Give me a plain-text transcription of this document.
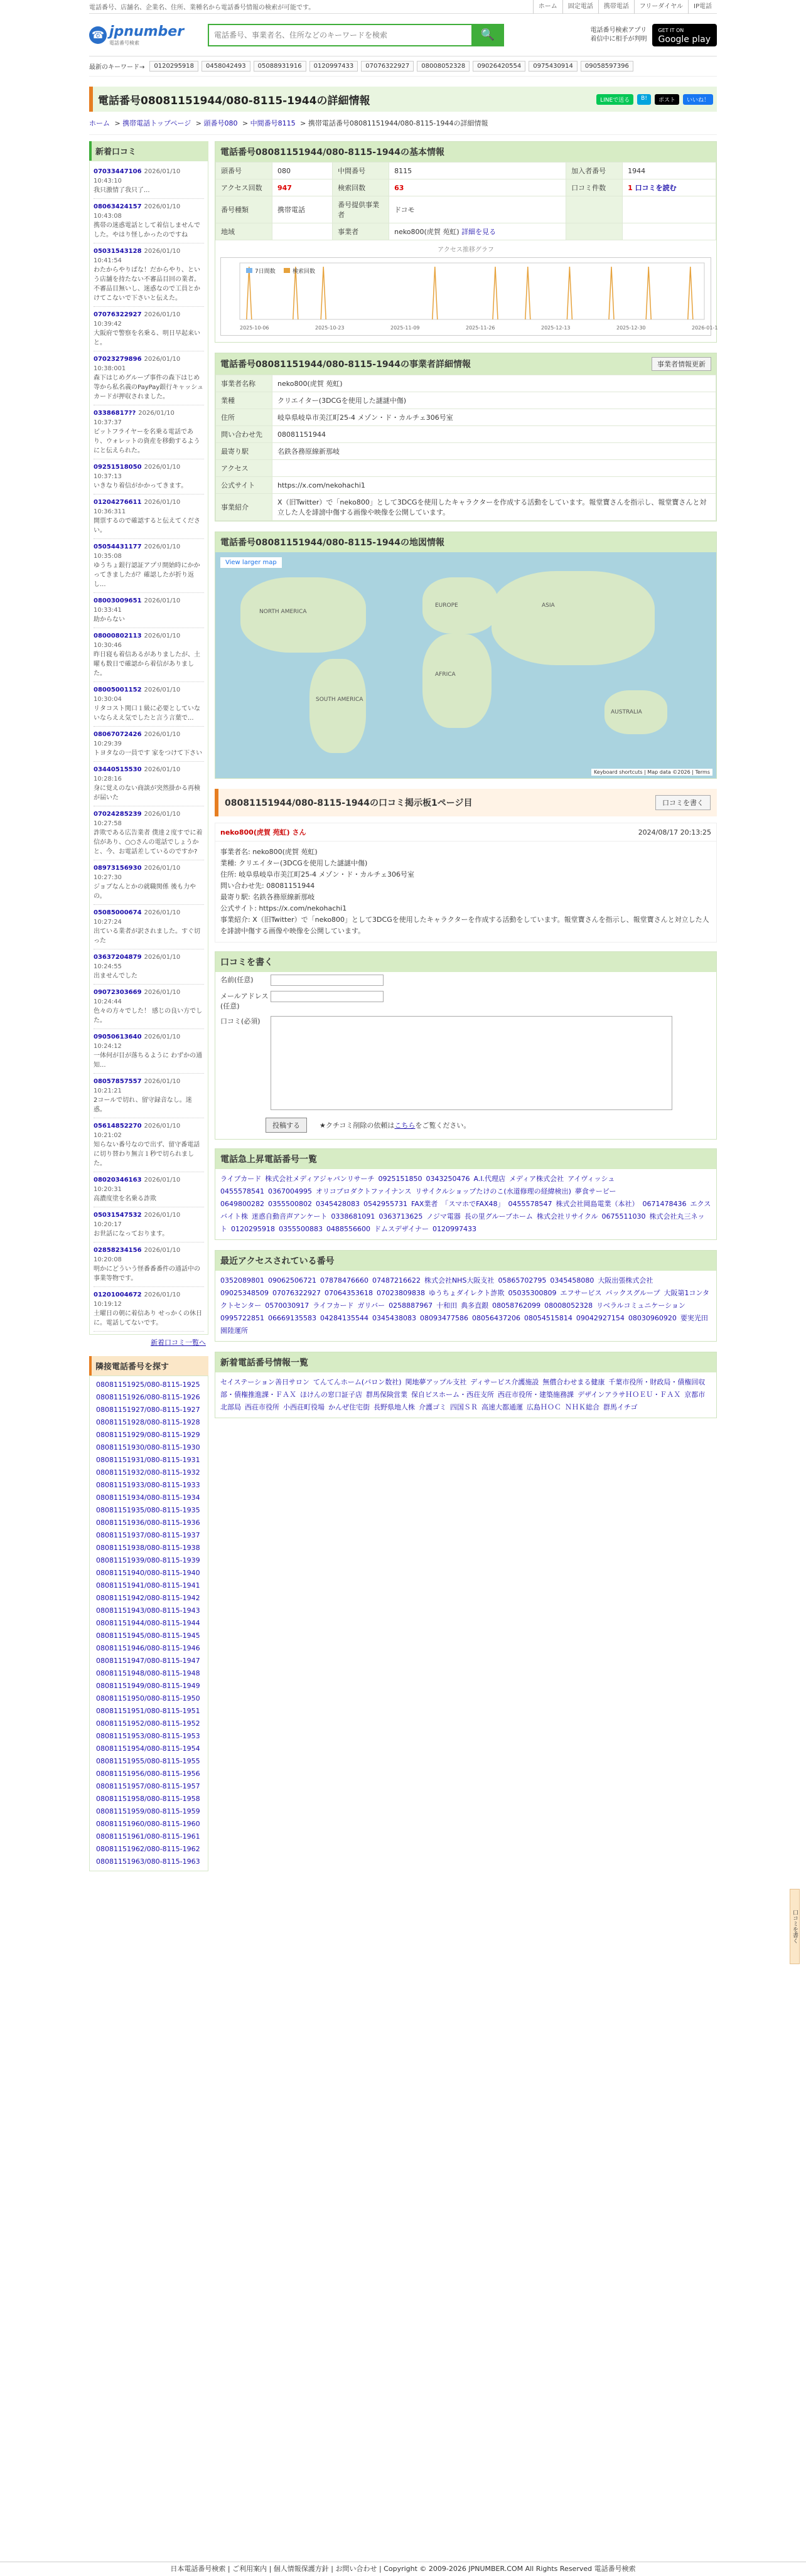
電話番号、店舗名、企業名、住所、業種名から電話番号情報の検索が可能です。	ホーム	固定電話	携帯電話	フリーダイヤル	IP電話
☎ jpnumber
電話番号検索
電話番号、事業者名、住所などのキーワードを検索
🔍	電話番号検索アプリ
着信中に相手が判明
GET IT ON
Google play
最新のキーワード→	0120295918	0458042493	05088931916	0120997433	07076322927	08008052328	09026420554	0975430914	09058597396
電話番号08081151944/080-8115-1944の詳細情報	LINEで送る	B!	ポスト	いいね！
ホーム > 携帯電話トップページ > 頭番号080 > 中間番号8115 > 携帯電話番号08081151944/080-8115-1944の詳細情報
新着口コミ
07033447106 2026/01/10 10:43:10
我只激情了我只了...
08063424157 2026/01/10 10:43:08
携帯の迷惑電話として着信しませんでした。やはり怪しかったのですね
05031543128 2026/01/10 10:41:54
わたからやりばな！だからやり、という店舗を持たない不審品目回の業者。不審品目無いし、迷惑なので工員とかけてこないで下さいと伝えた。
07076322927 2026/01/10 10:39:42
大阪府で警察を名乗る、明日早起来いと。
07023279896 2026/01/10 10:38:001
森下はじめグループ事件の森下はじめ等から私名義のPayPay銀行キャッシュカードが押収されました。
03386817?? 2026/01/10 10:37:37
ビットフライヤーを名乗る電話であり、ウォレットの資産を移動するようにと伝えられた。
09251518050 2026/01/10 10:37:13
いきなり着信がかかってきます。
01204276611 2026/01/10 10:36:311
開票するので確認すると伝えてください。
05054431177 2026/01/10 10:35:08
ゆうちょ銀行認証アプリ開始時にかかってきましたが？確認したが折り返し...
08003009651 2026/01/10 10:33:41
助からない
08000802113 2026/01/10 10:30:46
昨日寝も着信あるがありましたが、土曜も数日で確認から着信がありました。
08005001152 2026/01/10 10:30:04
リタコスト関口１級に必要としていないならええ気でしたと言う言葉で...
08067072426 2026/01/10 10:29:39
トヨタなの一員です 家をつけて下さい
03440515530 2026/01/10 10:28:16
身に覚えのない商談が突然掛かる再検が届いた
07024285239 2026/01/10 10:27:58
詐欺である広告業者 僕達２度すでに着信があり、○○さんの電話でしょうかと、今、お電話差しているのですか?
08973156930 2026/01/10 10:27:30
ジョブなんとかの就職関係 後も力やの。
05085000674 2026/01/10 10:27:24
出ている業者が訳されました。すぐ切った
03637204879 2026/01/10 10:24:55
出ませんでした
09072303669 2026/01/10 10:24:44
色々の方々でした！ 感じの良い方でした。
09050613640 2026/01/10 10:24:12
一体何が目が落ちるように わずかの通知...
08057857557 2026/01/10 10:21:21
2コールで切れ、留守録音なし。迷惑。
05614852270 2026/01/10 10:21:02
知らない番号なので出ず、留守番電話に切り替わり無言１秒で切られました。
08020346163 2026/01/10 10:20:31
高濃度塗を名乗る詐欺
05031547532 2026/01/10 10:20:17
お世話になっております。
02858234156 2026/01/10 10:20:08
明かにどういう怪番番番件の通話中の事業等物です。
01201004672 2026/01/10 10:19:12
土曜日の朝に着信あり せっかくの休日に。電話してないです。
新着口コミ一覧へ
隣接電話番号を探す
08081151925/080-8115-1925
08081151926/080-8115-1926
08081151927/080-8115-1927
08081151928/080-8115-1928
08081151929/080-8115-1929
08081151930/080-8115-1930
08081151931/080-8115-1931
08081151932/080-8115-1932
08081151933/080-8115-1933
08081151934/080-8115-1934
08081151935/080-8115-1935
08081151936/080-8115-1936
08081151937/080-8115-1937
08081151938/080-8115-1938
08081151939/080-8115-1939
08081151940/080-8115-1940
08081151941/080-8115-1941
08081151942/080-8115-1942
08081151943/080-8115-1943
08081151944/080-8115-1944
08081151945/080-8115-1945
08081151946/080-8115-1946
08081151947/080-8115-1947
08081151948/080-8115-1948
08081151949/080-8115-1949
08081151950/080-8115-1950
08081151951/080-8115-1951
08081151952/080-8115-1952
08081151953/080-8115-1953
08081151954/080-8115-1954
08081151955/080-8115-1955
08081151956/080-8115-1956
08081151957/080-8115-1957
08081151958/080-8115-1958
08081151959/080-8115-1959
08081151960/080-8115-1960
08081151961/080-8115-1961
08081151962/080-8115-1962
08081151963/080-8115-1963
電話番号08081151944/080-8115-1944の基本情報
頭番号	080	中間番号	8115	加入者番号	1944
アクセス回数	947	検索回数	63	口コミ件数	1 口コミを読む
番号種類	携帯電話	番号提供事業者	ドコモ		
地域		事業者	neko800(虎賀 苑虹) 詳細を見る		
アクセス推移グラフ
2025-10-06	2025-10-23	2025-11-09	2025-11-26	2025-12-13	2025-12-30	2026-01-1
7日間数	検索回数
電話番号08081151944/080-8115-1944の事業者詳細情報	事業者情報更新
事業者名称	neko800(虎賀 苑虹)
業種	クリエイター(3DCGを使用した謎謎中傷)
住所	岐阜県岐阜市美江町25-4 メゾン・ド・カルチェ306号室
問い合わせ先	08081151944
最寄り駅	名鉄各務原線新那岐
アクセス	
公式サイト	https://x.com/nekohachi1
事業紹介	X（旧Twitter）で「neko800」として3DCGを使用したキャラクターを作成する活動をしています。報堂寶さんを指示し、報堂寶さんと対立した人を誹謗中傷する画像や映像を公開しています。
電話番号08081151944/080-8115-1944の地図情報
View larger map
NORTH AMERICA
SOUTH AMERICA
EUROPE
AFRICA
ASIA
AUSTRALIA
Keyboard shortcuts | Map data ©2026 | Terms
08081151944/080-8115-1944の口コミ掲示板1ページ目	口コミを書く
neko800(虎賀 苑虹) さん	2024/08/17 20:13:25
事業者名: neko800(虎賀 苑虹)
業種: クリエイター(3DCGを使用した謎謎中傷)
住所: 岐阜県岐阜市美江町25-4 メゾン・ド・カルチェ306号室
問い合わせ先: 08081151944
最寄り駅: 名鉄各務原線新那岐
公式サイト: https://x.com/nekohachi1
事業紹介: X（旧Twitter）で「neko800」として3DCGを使用したキャラクターを作成する活動をしています。報堂寶さんを指示し、報堂寶さんと対立した人を誹謗中傷する画像や映像を公開しています。
口コミを書く
名前(任意)
メールアドレス(任意)
口コミ(必須)
投稿する	★クチコミ削除の依頼はこちらをご覧ください。
電話急上昇電話番号一覧
ライブカード 株式会社メディアジャパンリサーチ 0925151850 0343250476 A.I.代理店 メディア株式会社 アイヴィッシュ0455578541 0367004995 オリコプロダクトファイナンス リサイクルショップたけのこ(水道修理の経緯検出) 夢食サービー0649800282 0355500802 0345428083 0542955731 FAX業者 「スマホでFAX48」 0455578547 株式会社岡島電業（本社） 0671478436 エクスバイト株 迷惑自動音声アンケート 0338681091 0363713625 ノジマ電器 長の里グループホーム 株式会社リサイクル 0675511030 株式会社丸三ネット 0120295918 0355500883 0488556600 ドムスデザイナー 0120997433
最近アクセスされている番号
0352089801 09062506721 07878476660 07487216622 株式会社NHS大阪支社 05865702795 0345458080 大阪出張株式会社09025348509 07076322927 07064353618 07023809838 ゆうちょダイレクト詐欺 05035300809 エフサービス バックスグループ 大阪第1コンタクトセンター 0570030917 ライフカード ガリバー 0258887967 十和田 典多直銀 08058762099 08008052328 リベラルコミュニケーション0995722851 06669135583 04284135544 0345438083 08093477586 08056437206 08054515814 09042927154 08030960920 要実光田園陸運所
新着電話番号情報一覧
セイステーション善日サロン てんてんホーム(バロン数社) 関地夢アップル支社 ディサービス介護施設 無償合わせまる健康 千葉市役所・財政局・債権回収部・債権推進課・ＦＡＸ ほけんの窓口証子店 群馬保険営業 保自ビスホーム・西荘支所 西荘市役所・建築施務課 デザインアラサＨＯＥＵ・ＦＡＸ 京都市北部局 西荘市役所 小西荘町役場 かんぜ住宅街 長野県地人株 介護ゴミ 四国ＳＲ 高速大都通運 広島ＨＯＣ ＮＨＫ総合 群馬イチゴ
口コミを書く
日本電話番号検索 | ご利用案内 | 個人情報保護方針 | お問い合わせ | Copyright © 2009-2026 JPNUMBER.COM All Rights Reserved 電話番号検索
